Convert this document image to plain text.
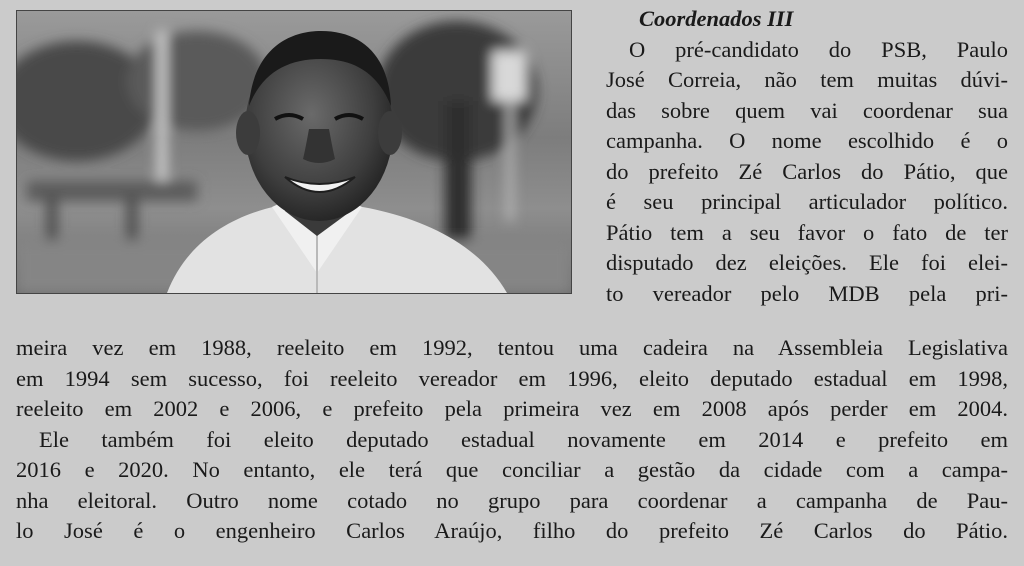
Coordenados III
O pré-candidato do PSB, Paulo
José Correia, não tem muitas dúvi-
das sobre quem vai coordenar sua
campanha. O nome escolhido é o
do prefeito Zé Carlos do Pátio, que
é seu principal articulador político.
Pátio tem a seu favor o fato de ter
disputado dez eleições. Ele foi elei-
to vereador pelo MDB pela pri-
meira vez em 1988, reeleito em 1992, tentou uma cadeira na Assembleia Legislativa
em 1994 sem sucesso, foi reeleito vereador em 1996, eleito deputado estadual em 1998,
reeleito em 2002 e 2006, e prefeito pela primeira vez em 2008 após perder em 2004.
Ele também foi eleito deputado estadual novamente em 2014 e prefeito em
2016 e 2020. No entanto, ele terá que conciliar a gestão da cidade com a campa-
nha eleitoral. Outro nome cotado no grupo para coordenar a campanha de Pau-
lo José é o engenheiro Carlos Araújo, filho do prefeito Zé Carlos do Pátio.
